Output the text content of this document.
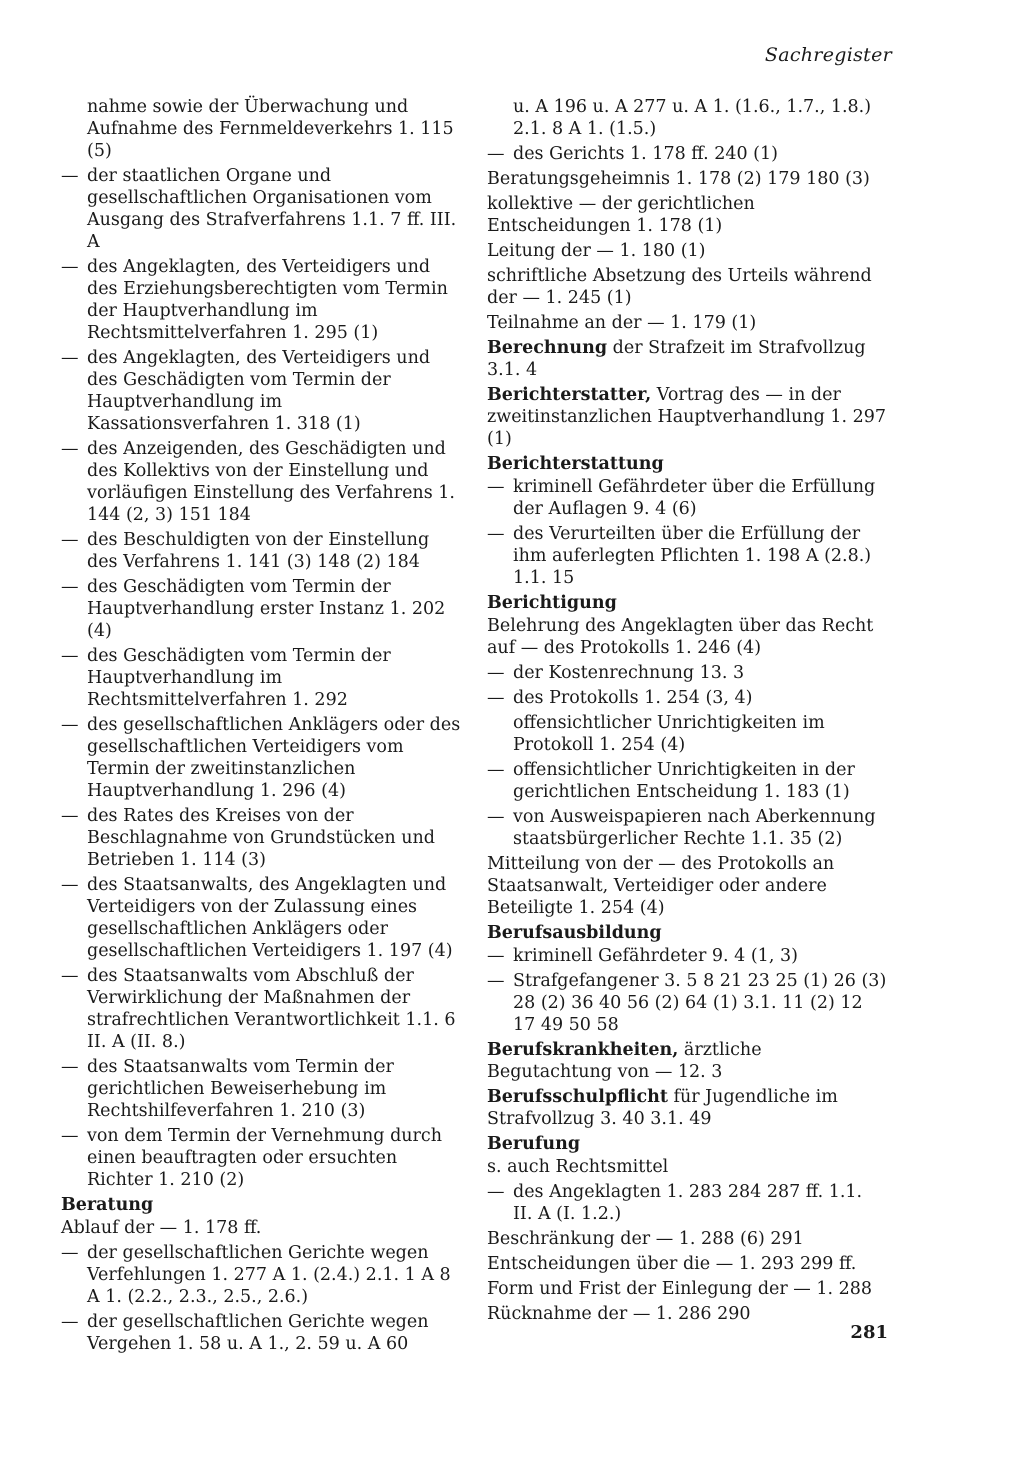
Sachregister
nahme sowie der Überwachung und Aufnahme des Fernmeldeverkehrs 1. 115 (5)
— der staatlichen Organe und gesellschaftlichen Organisationen vom Ausgang des Strafverfahrens 1.1. 7 ff. III. A
— des Angeklagten, des Verteidigers und des Erziehungsberechtigten vom Termin der Hauptverhandlung im Rechtsmittelverfahren 1. 295 (1)
— des Angeklagten, des Verteidigers und des Geschädigten vom Termin der Hauptverhandlung im Kassationsverfahren 1. 318 (1)
— des Anzeigenden, des Geschädigten und des Kollektivs von der Einstellung und vorläufigen Einstellung des Verfahrens 1. 144 (2, 3) 151 184
— des Beschuldigten von der Einstellung des Verfahrens 1. 141 (3) 148 (2) 184
— des Geschädigten vom Termin der Hauptverhandlung erster Instanz 1. 202 (4)
— des Geschädigten vom Termin der Hauptverhandlung im Rechtsmittelverfahren 1. 292
— des gesellschaftlichen Anklägers oder des gesellschaftlichen Verteidigers vom Termin der zweitinstanzlichen Hauptverhandlung 1. 296 (4)
— des Rates des Kreises von der Beschlagnahme von Grundstücken und Betrieben 1. 114 (3)
— des Staatsanwalts, des Angeklagten und Verteidigers von der Zulassung eines gesellschaftlichen Anklägers oder gesellschaftlichen Verteidigers 1. 197 (4)
— des Staatsanwalts vom Abschluß der Verwirklichung der Maßnahmen der strafrechtlichen Verantwortlichkeit 1.1. 6 II. A (II. 8.)
— des Staatsanwalts vom Termin der gerichtlichen Beweiserhebung im Rechtshilfeverfahren 1. 210 (3)
— von dem Termin der Vernehmung durch einen beauftragten oder ersuchten Richter 1. 210 (2)
Beratung
Ablauf der — 1. 178 ff.
— der gesellschaftlichen Gerichte wegen Verfehlungen 1. 277 A 1. (2.4.) 2.1. 1 A 8 A 1. (2.2., 2.3., 2.5., 2.6.)
— der gesellschaftlichen Gerichte wegen Vergehen 1. 58 u. A 1., 2. 59 u. A 60
u. A 196 u. A 277 u. A 1. (1.6., 1.7., 1.8.) 2.1. 8 A 1. (1.5.)
— des Gerichts 1. 178 ff. 240 (1)
Beratungsgeheimnis 1. 178 (2) 179 180 (3)
kollektive — der gerichtlichen Entscheidungen 1. 178 (1)
Leitung der — 1. 180 (1)
schriftliche Absetzung des Urteils während der — 1. 245 (1)
Teilnahme an der — 1. 179 (1)
Berechnung der Strafzeit im Strafvollzug 3.1. 4
Berichterstatter, Vortrag des — in der zweitinstanzlichen Hauptverhandlung 1. 297 (1)
Berichterstattung
— kriminell Gefährdeter über die Erfüllung der Auflagen 9. 4 (6)
— des Verurteilten über die Erfüllung der ihm auferlegten Pflichten 1. 198 A (2.8.) 1.1. 15
Berichtigung
Belehrung des Angeklagten über das Recht auf — des Protokolls 1. 246 (4)
— der Kostenrechnung 13. 3
— des Protokolls 1. 254 (3, 4)
offensichtlicher Unrichtigkeiten im Protokoll 1. 254 (4)
— offensichtlicher Unrichtigkeiten in der gerichtlichen Entscheidung 1. 183 (1)
— von Ausweispapieren nach Aberkennung staatsbürgerlicher Rechte 1.1. 35 (2)
Mitteilung von der — des Protokolls an Staatsanwalt, Verteidiger oder andere Beteiligte 1. 254 (4)
Berufsausbildung
— kriminell Gefährdeter 9. 4 (1, 3)
— Strafgefangener 3. 5 8 21 23 25 (1) 26 (3) 28 (2) 36 40 56 (2) 64 (1) 3.1. 11 (2) 12 17 49 50 58
Berufskrankheiten, ärztliche Begutachtung von — 12. 3
Berufsschulpflicht für Jugendliche im Strafvollzug 3. 40 3.1. 49
Berufung
s. auch Rechtsmittel
— des Angeklagten 1. 283 284 287 ff. 1.1. II. A (I. 1.2.)
Beschränkung der — 1. 288 (6) 291
Entscheidungen über die — 1. 293 299 ff.
Form und Frist der Einlegung der — 1. 288
Rücknahme der — 1. 286 290
281
